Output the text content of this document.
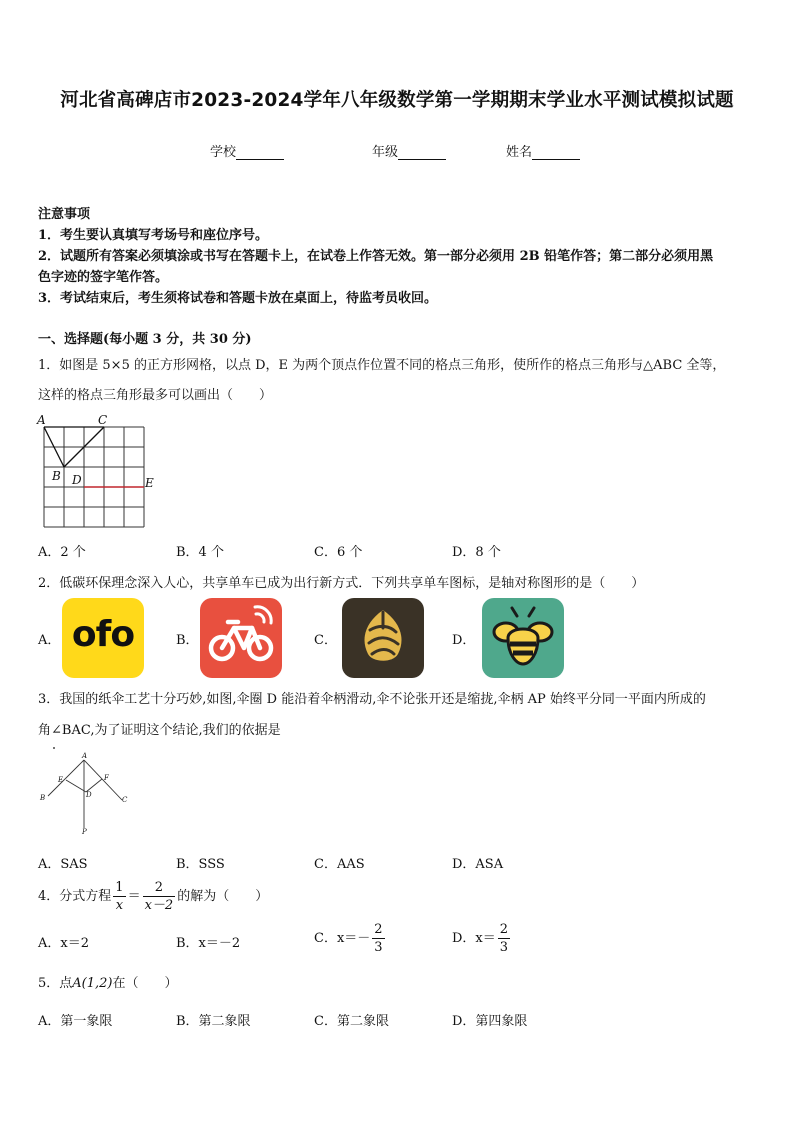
河北省高碑店市2023-2024学年八年级数学第一学期期末学业水平测试模拟试题
学校	年级	姓名
注意事项
1．考生要认真填写考场号和座位序号。
2．试题所有答案必须填涂或书写在答题卡上，在试卷上作答无效。第一部分必须用 2B 铅笔作答；第二部分必须用黑
色字迹的签字笔作答。
3．考试结束后，考生须将试卷和答题卡放在桌面上，待监考员收回。
一、选择题(每小题 3 分，共 30 分)
1．如图是 5×5 的正方形网格，以点 D，E 为两个顶点作位置不同的格点三角形，使所作的格点三角形与△ABC 全等，
这样的格点三角形最多可以画出（　　）
A	C
B D	E
A．2 个	B．4 个	C．6 个	D．8 个
2．低碳环保理念深入人心，共享单车已成为出行新方式．下列共享单车图标，是轴对称图形的是（　　）
A． ofo	B．	C．	D．
3．我国的纸伞工艺十分巧妙,如图,伞圈 D 能沿着伞柄滑动,伞不论张开还是缩拢,伞柄 AP 始终平分同一平面内所成的
角∠BAC,为了证明这个结论,我们的依据是
A
E	F
D
B	C
P
A．SAS	B．SSS	C．AAS	D．ASA
4．分式方程 $\frac{1}{x} = \frac{2}{x-2}$ 的解为（　　）
A．x＝2	B．x＝－2	C．$x=- \frac{2}{3}$	D．$x= \frac{2}{3}$
5．点A(1,2)在（　　）
A．第一象限	B．第二象限	C．第二象限	D．第四象限
